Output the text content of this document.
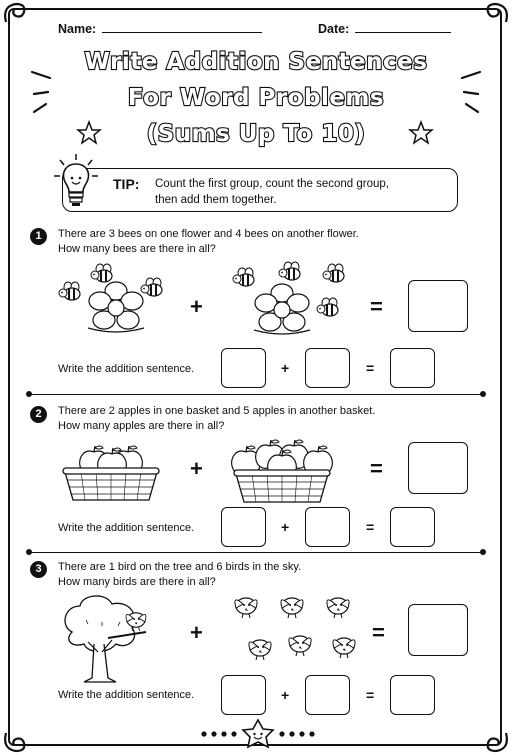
Name:	Date:
Write Addition Sentences
For Word Problems
(Sums Up To 10)
TIP: Count the first group, count the second group,
then add them together.
1	There are 3 bees on one flower and 4 bees on another flower.
How many bees are there in all?
+	=
Write the addition sentence.	+	=
2	There are 2 apples in one basket and 5 apples in another basket.
How many apples are there in all?
+	=
Write the addition sentence.	+	=
3	There are 1 bird on the tree and 6 birds in the sky.
How many birds are there in all?
+	=
Write the addition sentence.	+	=
